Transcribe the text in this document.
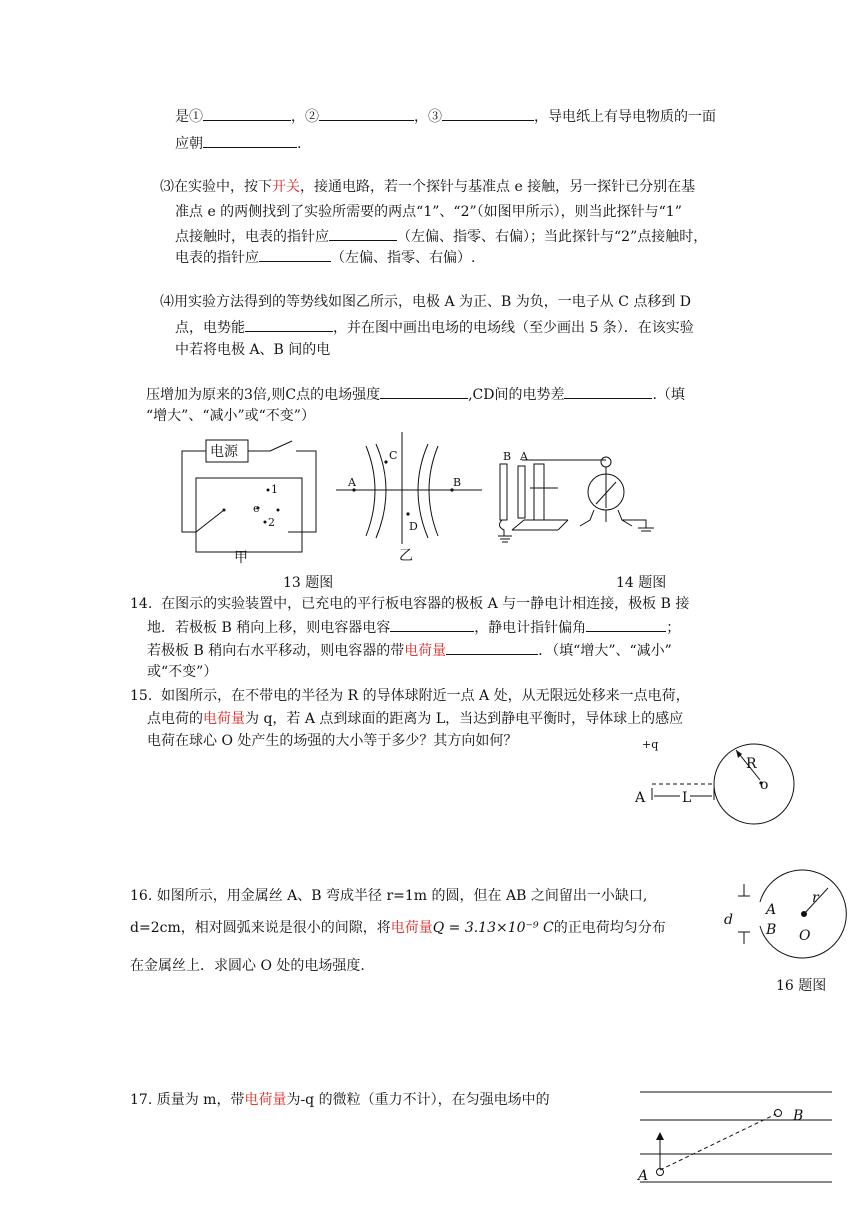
是①	，②	，③	，导电纸上有导电物质的一面
应朝	.
⑶在实验中，按下开关，接通电路，若一个探针与基准点 e 接触，另一探针已分别在基
准点 e 的两侧找到了实验所需要的两点“1”、“2”（如图甲所示），则当此探针与“1”
点接触时，电表的指针应	（左偏、指零、右偏）；当此探针与“2”点接触时，
电表的指针应	（左偏、指零、右偏）.
⑷用实验方法得到的等势线如图乙所示，电极 A 为正、B 为负，一电子从 C 点移到 D
点，电势能	，并在图中画出电场的电场线（至少画出 5 条）．在该实验
中若将电极 A、B 间的电
压增加为原来的3倍,则C点的电场强度	,CD间的电势差	.（填
“增大”、“减小”或“不变”）
电源
1
e
2
甲
A	B
C
D
乙
13 题图
B A
14 题图
14. 在图示的实验装置中，已充电的平行板电容器的极板 A 与一静电计相连接，极板 B 接
地．若极板 B 稍向上移，则电容器电容	，静电计指针偏角	；
若极板 B 稍向右水平移动，则电容器的带电荷量	．（填“增大”、“减小”
或“不变”）
15. 如图所示，在不带电的半径为 R 的导体球附近一点 A 处，从无限远处移来一点电荷，
点电荷的电荷量为 q，若 A 点到球面的距离为 L，当达到静电平衡时，导体球上的感应
电荷在球心 O 处产生的场强的大小等于多少？其方向如何？	+q
A	L
R
o
16. 如图所示，用金属丝 A、B 弯成半径 r=1m 的圆，但在 AB 之间留出一小缺口,
d=2cm，相对圆弧来说是很小的间隙，将电荷量Q = 3.13×10⁻⁹ C的正电荷均匀分布
在金属丝上．求圆心 O 处的电场强度.
d
A
B
r
O
16 题图
17. 质量为 m，带电荷量为-q 的微粒（重力不计），在匀强电场中的
A
B
